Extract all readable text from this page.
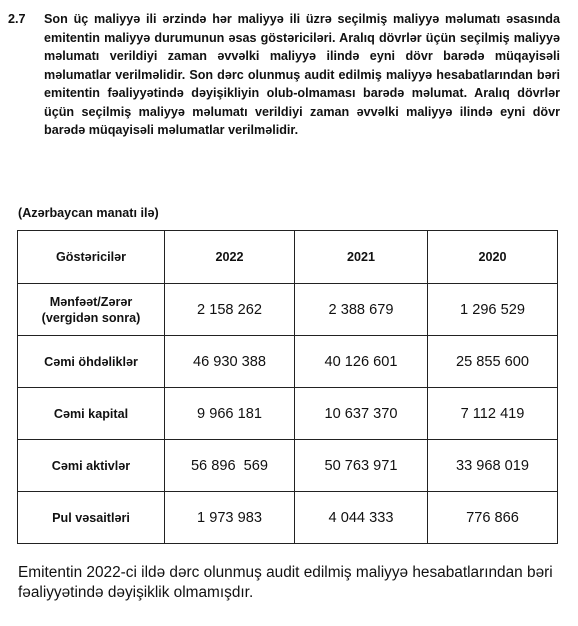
2.7	Son üç maliyyə ili ərzində hər maliyyə ili üzrə seçilmiş maliyyə məlumatı əsasında emitentin maliyyə durumunun əsas göstəriciləri. Aralıq dövrlər üçün seçilmiş maliyyə məlumatı verildiyi zaman əvvəlki maliyyə ilində eyni dövr barədə müqayisəli məlumatlar verilməlidir. Son dərc olunmuş audit edilmiş maliyyə hesabatlarından bəri emitentin fəaliyyətində dəyişikliyin olub-olmaması barədə məlumat. Aralıq dövrlər üçün seçilmiş maliyyə məlumatı verildiyi zaman əvvəlki maliyyə ilində eyni dövr barədə müqayisəli məlumatlar verilməlidir.
(Azərbaycan manatı ilə)
Göstəricilər	2022	2021	2020
Mənfəət/Zərər
(vergidən sonra)	2 158 262	2 388 679	1 296 529
Cəmi öhdəliklər	46 930 388	40 126 601	25 855 600
Cəmi kapital	9 966 181	10 637 370	7 112 419
Cəmi aktivlər	56 896  569	50 763 971	33 968 019
Pul vəsaitləri	1 973 983	4 044 333	776 866
Emitentin 2022-ci ildə dərc olunmuş audit edilmiş maliyyə hesabatlarından bəri fəaliyyətində dəyişiklik olmamışdır.
